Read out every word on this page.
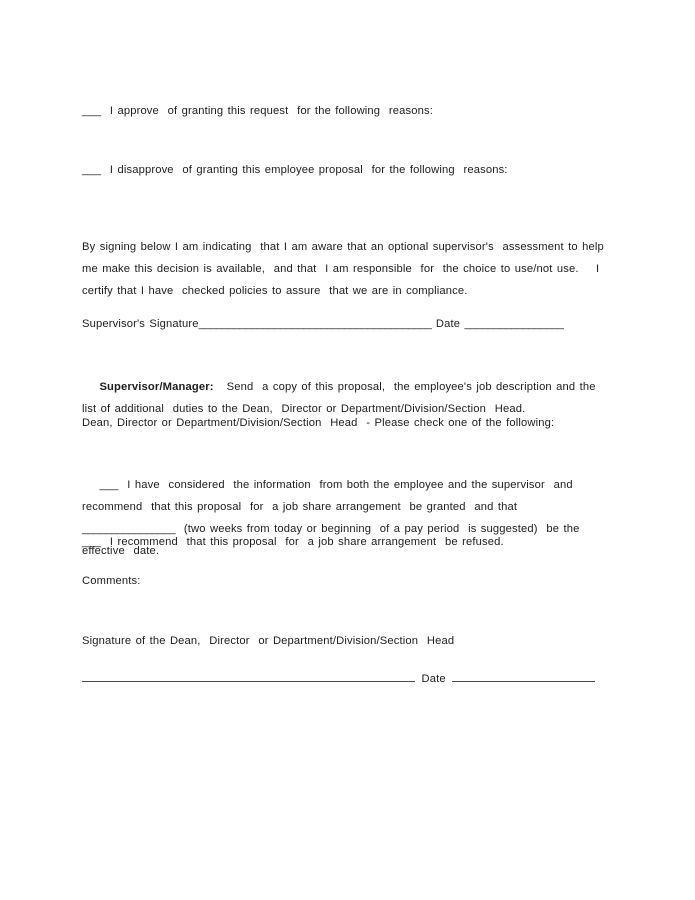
___  I approve  of granting this request  for the following  reasons:
___  I disapprove  of granting this employee proposal  for the following  reasons:
By signing below I am indicating  that I am aware that an optional supervisor's  assessment to help me make this decision is available,  and that  I am responsible  for  the choice to use/not use.    I certify that I have  checked policies to assure  that we are in compliance.
Supervisor's Signature________________________________________ Date _________________

Supervisor/Manager:   Send  a copy of this proposal,  the employee's job description and the list of additional  duties to the Dean,  Director or Department/Division/Section  Head.

Dean, Director or Department/Division/Section  Head  - Please check one of the following:

___  I have  considered  the information  from both the employee and the supervisor  and recommend  that this proposal  for  a job share arrangement  be granted  and that ________________  (two weeks from today or beginning  of a pay period  is suggested)  be the effective  date.

___  I recommend  that this proposal  for  a job share arrangement  be refused.
Comments:
Signature of the Dean,  Director  or Department/Division/Section  Head
Date
